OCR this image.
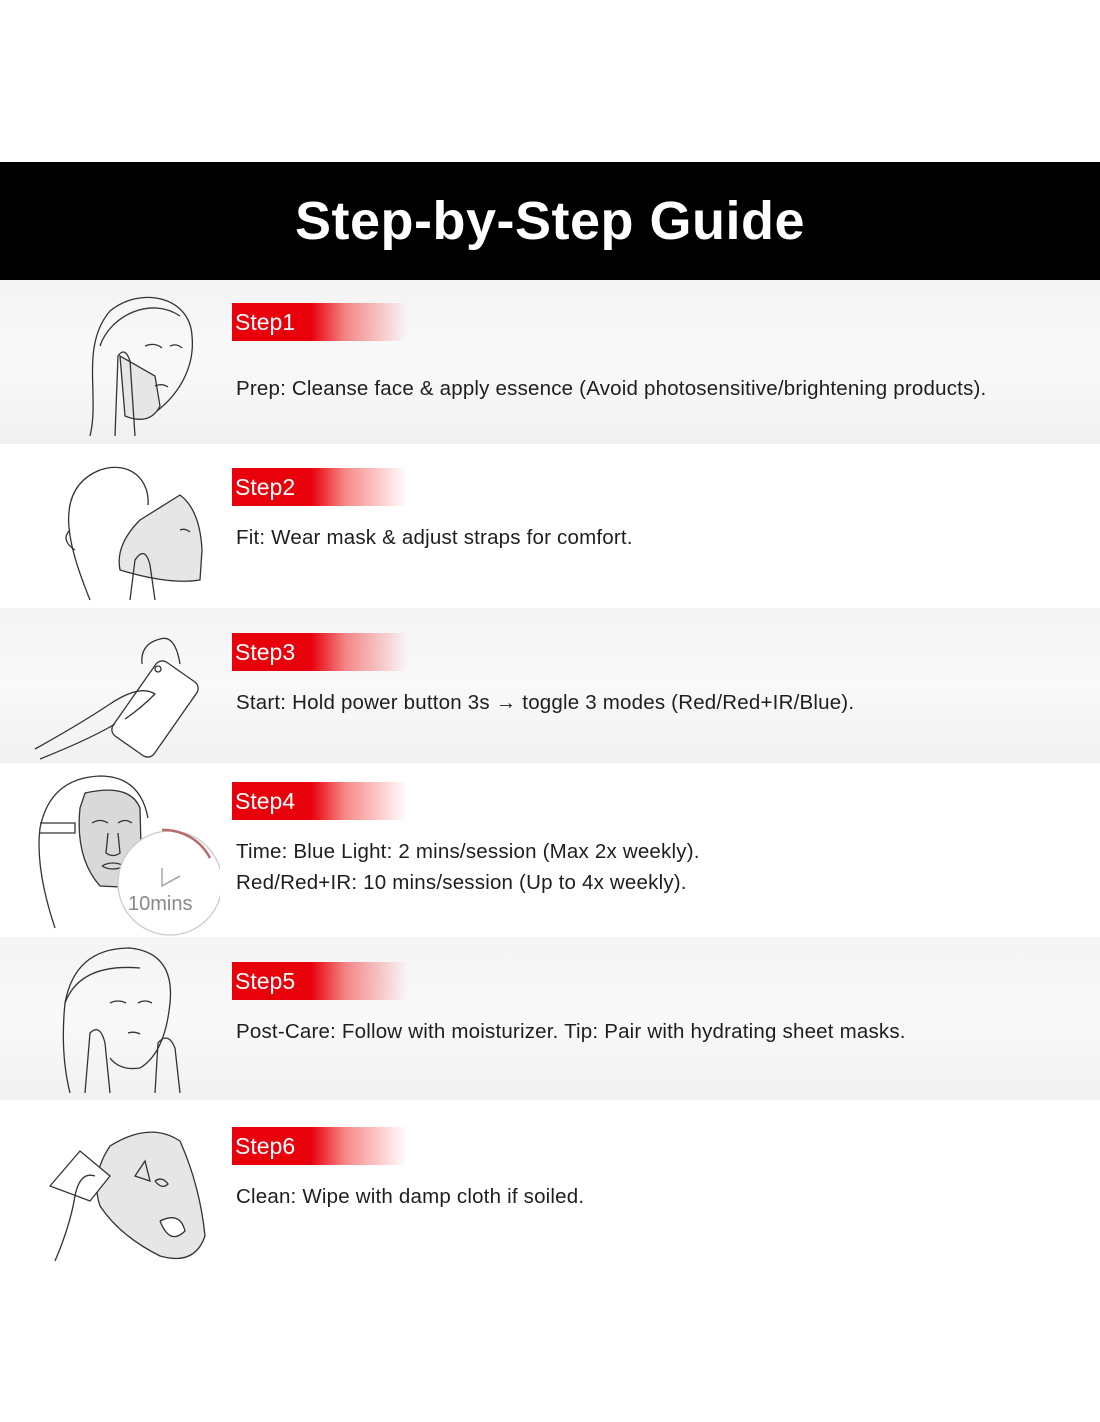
Step-by-Step Guide
Step1
Prep: Cleanse face & apply essence (Avoid photosensitive/brightening products).
Step2
Fit: Wear mask & adjust straps for comfort.
Step3
Start: Hold power button 3s → toggle 3 modes (Red/Red+IR/Blue).
10mins
Step4
Time: Blue Light: 2 mins/session (Max 2x weekly).
Red/Red+IR: 10 mins/session (Up to 4x weekly).
Step5
Post-Care: Follow with moisturizer. Tip: Pair with hydrating sheet masks.
Step6
Clean: Wipe with damp cloth if soiled.
